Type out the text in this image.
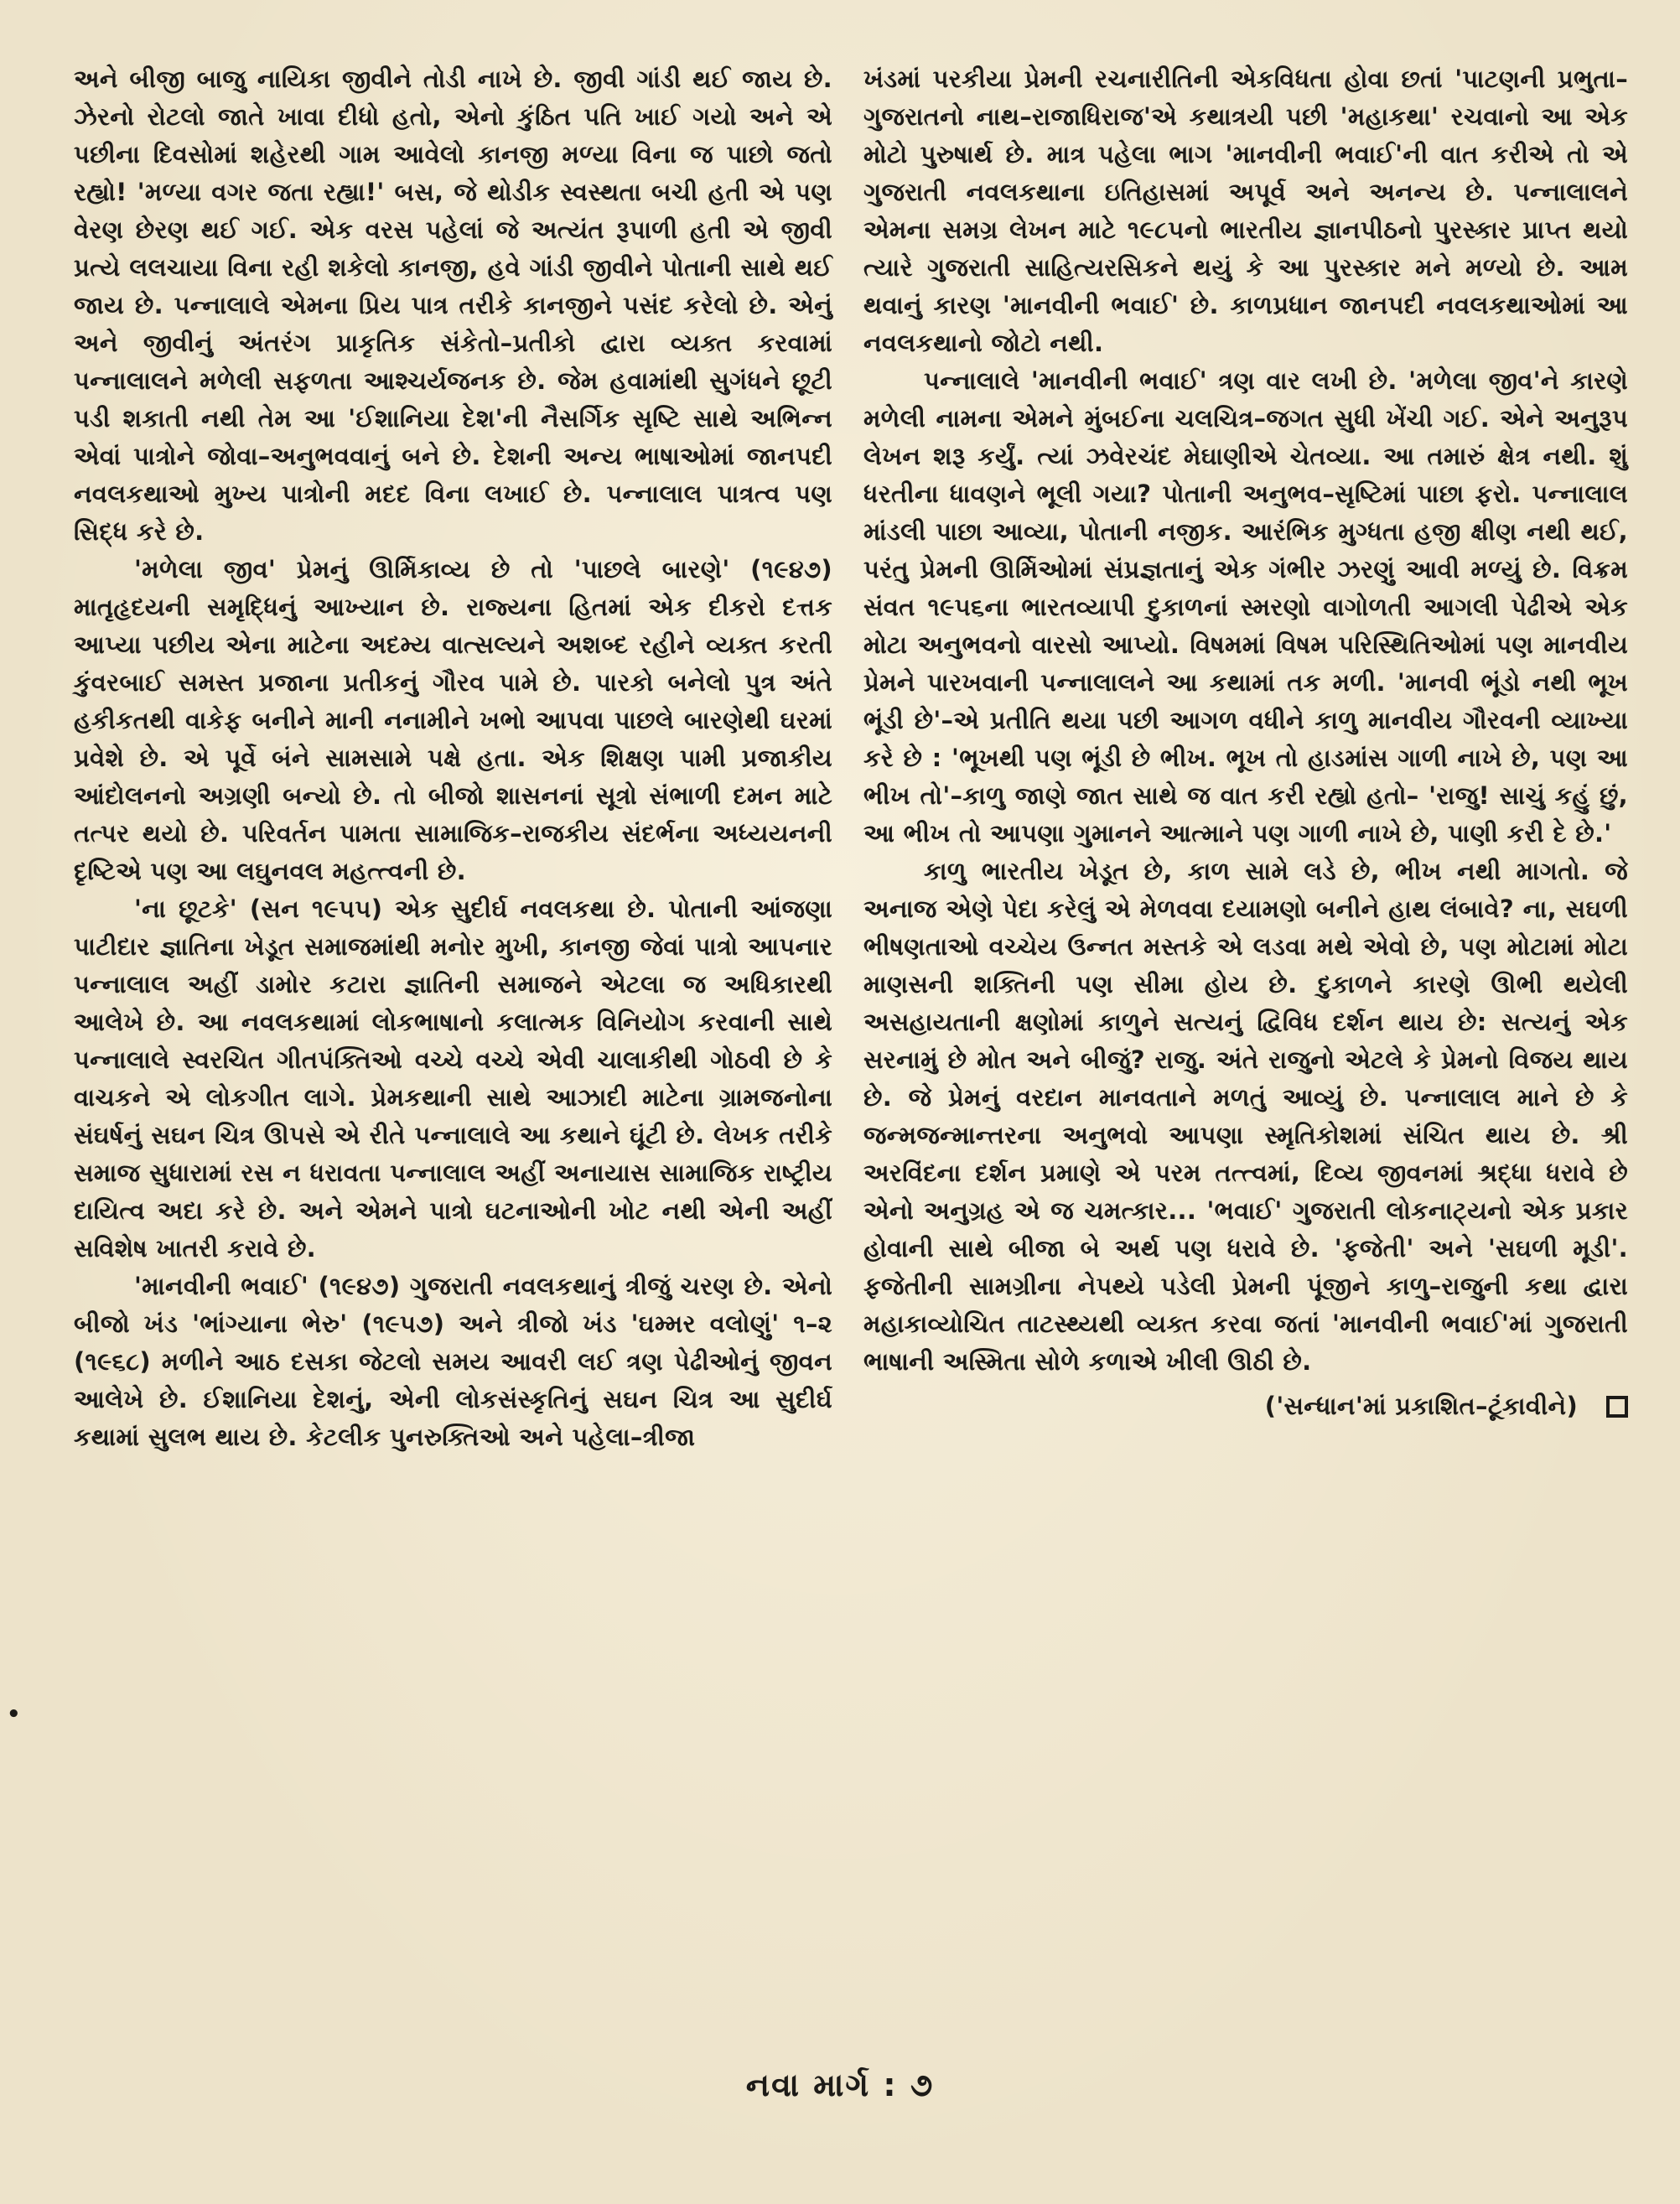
અને બીજી બાજુ નાયિકા જીવીને તોડી નાખે છે. જીવી ગાંડી થઈ જાય છે. ઝેરનો રોટલો જાતે ખાવા દીધો હતો, એનો કુંઠિત પતિ ખાઈ ગયો અને એ પછીના દિવસોમાં શહેરથી ગામ આવેલો કાનજી મળ્યા વિના જ પાછો જતો રહ્યો! 'મળ્યા વગર જતા રહ્યા!' બસ, જે થોડીક સ્વસ્થતા બચી હતી એ પણ વેરણ છેરણ થઈ ગઈ. એક વરસ પહેલાં જે અત્યંત રૂપાળી હતી એ જીવી પ્રત્યે લલચાયા વિના રહી શકેલો કાનજી, હવે ગાંડી જીવીને પોતાની સાથે થઈ જાય છે. પન્નાલાલે એમના પ્રિય પાત્ર તરીકે કાનજીને પસંદ કરેલો છે. એનું અને જીવીનું અંતરંગ પ્રાકૃતિક સંકેતો–પ્રતીકો દ્વારા વ્યક્ત કરવામાં પન્નાલાલને મળેલી સફળતા આશ્ચર્યજનક છે. જેમ હવામાંથી સુગંધને છૂટી પડી શકાતી નથી તેમ આ 'ઈશાનિયા દેશ'ની નૈસર્ગિક સૃષ્ટિ સાથે અભિન્ન એવાં પાત્રોને જોવા–અનુભવવાનું બને છે. દેશની અન્ય ભાષાઓમાં જાનપદી નવલકથાઓ મુખ્ય પાત્રોની મદદ વિના લખાઈ છે. પન્નાલાલ પાત્રત્વ પણ સિદ્ધ કરે છે.

'મળેલા જીવ' પ્રેમનું ઊર્મિકાવ્ય છે તો 'પાછલે બારણે' (૧૯૪૭) માતૃહૃદયની સમૃદ્ધિનું આખ્યાન છે. રાજ્યના હિતમાં એક દીકરો દત્તક આપ્યા પછીય એના માટેના અદમ્ય વાત્સલ્યને અશબ્દ રહીને વ્યક્ત કરતી કુંવરબાઈ સમસ્ત પ્રજાના પ્રતીકનું ગૌરવ પામે છે. પારકો બનેલો પુત્ર અંતે હકીકતથી વાકેફ બનીને માની નનામીને ખભો આપવા પાછલે બારણેથી ઘરમાં પ્રવેશે છે. એ પૂર્વે બંને સામસામે પક્ષે હતા. એક શિક્ષણ પામી પ્રજાકીય આંદોલનનો અગ્રણી બન્યો છે. તો બીજો શાસનનાં સૂત્રો સંભાળી દમન માટે તત્પર થયો છે. પરિવર્તન પામતા સામાજિક–રાજકીય સંદર્ભના અધ્યયનની દૃષ્ટિએ પણ આ લઘુનવલ મહત્ત્વની છે.

'ના છૂટકે' (સન ૧૯૫૫) એક સુદીર્ઘ નવલકથા છે. પોતાની આંજણા પાટીદાર જ્ઞાતિના ખેડૂત સમાજમાંથી મનોર મુખી, કાનજી જેવાં પાત્રો આપનાર પન્નાલાલ અહીં ડામોર કટારા જ્ઞાતિની સમાજને એટલા જ અધિકારથી આલેખે છે. આ નવલકથામાં લોકભાષાનો કલાત્મક વિનિયોગ કરવાની સાથે પન્નાલાલે સ્વરચિત ગીતપંક્તિઓ વચ્ચે વચ્ચે એવી ચાલાકીથી ગોઠવી છે કે વાચકને એ લોકગીત લાગે. પ્રેમકથાની સાથે આઝાદી માટેના ગ્રામજનોના સંઘર્ષનું સઘન ચિત્ર ઊપસે એ રીતે પન્નાલાલે આ કથાને ઘૂંટી છે. લેખક તરીકે સમાજ સુધારામાં રસ ન ધરાવતા પન્નાલાલ અહીં અનાયાસ સામાજિક રાષ્ટ્રીય દાયિત્વ અદા કરે છે. અને એમને પાત્રો ઘટનાઓની ખોટ નથી એની અહીં સવિશેષ ખાતરી કરાવે છે.

'માનવીની ભવાઈ' (૧૯૪૭) ગુજરાતી નવલકથાનું ત્રીજું ચરણ છે. એનો બીજો ખંડ 'ભાંગ્યાના ભેરુ' (૧૯૫૭) અને ત્રીજો ખંડ 'ઘમ્મર વલોણું' ૧–૨ (૧૯૬૮) મળીને આઠ દસકા જેટલો સમય આવરી લઈ ત્રણ પેઢીઓનું જીવન આલેખે છે. ઈશાનિયા દેશનું, એની લોકસંસ્કૃતિનું સઘન ચિત્ર આ સુદીર્ઘ કથામાં સુલભ થાય છે. કેટલીક પુનરુક્તિઓ અને પહેલા–ત્રીજા

ખંડમાં પરકીયા પ્રેમની રચનારીતિની એકવિધતા હોવા છતાં 'પાટણની પ્રભુતા–ગુજરાતનો નાથ–રાજાધિરાજ'એ કથાત્રયી પછી 'મહાકથા' રચવાનો આ એક મોટો પુરુષાર્થ છે. માત્ર પહેલા ભાગ 'માનવીની ભવાઈ'ની વાત કરીએ તો એ ગુજરાતી નવલકથાના ઇતિહાસમાં અપૂર્વ અને અનન્ય છે. પન્નાલાલને એમના સમગ્ર લેખન માટે ૧૯૮૫નો ભારતીય જ્ઞાનપીઠનો પુરસ્કાર પ્રાપ્ત થયો ત્યારે ગુજરાતી સાહિત્યરસિકને થયું કે આ પુરસ્કાર મને મળ્યો છે. આમ થવાનું કારણ 'માનવીની ભવાઈ' છે. કાળપ્રધાન જાનપદી નવલકથાઓમાં આ નવલકથાનો જોટો નથી.

પન્નાલાલે 'માનવીની ભવાઈ' ત્રણ વાર લખી છે. 'મળેલા જીવ'ને કારણે મળેલી નામના એમને મુંબઈના ચલચિત્ર–જગત સુધી ખેંચી ગઈ. એને અનુરૂપ લેખન શરૂ કર્યું. ત્યાં ઝવેરચંદ મેઘાણીએ ચેતવ્યા. આ તમારું ક્ષેત્ર નથી. શું ધરતીના ધાવણને ભૂલી ગયા? પોતાની અનુભવ–સૃષ્ટિમાં પાછા ફરો. પન્નાલાલ માંડલી પાછા આવ્યા, પોતાની નજીક. આરંભિક મુગ્ધતા હજી ક્ષીણ નથી થઈ, પરંતુ પ્રેમની ઊર્મિઓમાં સંપ્રજ્ઞતાનું એક ગંભીર ઝરણું આવી મળ્યું છે. વિક્રમ સંવત ૧૯૫૬ના ભારતવ્યાપી દુકાળનાં સ્મરણો વાગોળતી આગલી પેઢીએ એક મોટા અનુભવનો વારસો આપ્યો. વિષમમાં વિષમ પરિસ્થિતિઓમાં પણ માનવીય પ્રેમને પારખવાની પન્નાલાલને આ કથામાં તક મળી. 'માનવી ભૂંડો નથી ભૂખ ભૂંડી છે'–એ પ્રતીતિ થયા પછી આગળ વધીને કાળુ માનવીય ગૌરવની વ્યાખ્યા કરે છે : 'ભૂખથી પણ ભૂંડી છે ભીખ. ભૂખ તો હાડમાંસ ગાળી નાખે છે, પણ આ ભીખ તો'–કાળુ જાણે જાત સાથે જ વાત કરી રહ્યો હતો– 'રાજુ! સાચું કહું છું, આ ભીખ તો આપણા ગુમાનને આત્માને પણ ગાળી નાખે છે, પાણી કરી દે છે.'

કાળુ ભારતીય ખેડૂત છે, કાળ સામે લડે છે, ભીખ નથી માગતો. જે અનાજ એણે પેદા કરેલું એ મેળવવા દયામણો બનીને હાથ લંબાવે? ના, સઘળી ભીષણતાઓ વચ્ચેય ઉન્નત મસ્તકે એ લડવા મથે એવો છે, પણ મોટામાં મોટા માણસની શક્તિની પણ સીમા હોય છે. દુકાળને કારણે ઊભી થયેલી અસહાયતાની ક્ષણોમાં કાળુને સત્યનું દ્વિવિધ દર્શન થાય છે: સત્યનું એક સરનામું છે મોત અને બીજું? રાજુ. અંતે રાજુનો એટલે કે પ્રેમનો વિજય થાય છે. જે પ્રેમનું વરદાન માનવતાને મળતું આવ્યું છે. પન્નાલાલ માને છે કે જન્મજન્માન્તરના અનુભવો આપણા સ્મૃતિકોશમાં સંચિત થાય છે. શ્રી અરવિંદના દર્શન પ્રમાણે એ પરમ તત્ત્વમાં, દિવ્ય જીવનમાં શ્રદ્ધા ધરાવે છે એનો અનુગ્રહ એ જ ચમત્કાર... 'ભવાઈ' ગુજરાતી લોકનાટ્યનો એક પ્રકાર હોવાની સાથે બીજા બે અર્થ પણ ધરાવે છે. 'ફજેતી' અને 'સઘળી મૂડી'. ફજેતીની સામગ્રીના નેપથ્યે પડેલી પ્રેમની પૂંજીને કાળુ–રાજુની કથા દ્વારા મહાકાવ્યોચિત તાટસ્થ્યથી વ્યક્ત કરવા જતાં 'માનવીની ભવાઈ'માં ગુજરાતી ભાષાની અસ્મિતા સોળે કળાએ ખીલી ઊઠી છે.

('સન્ધાન'માં પ્રકાશિત–ટૂંકાવીને)
•
નવા માર્ગ : ૭
